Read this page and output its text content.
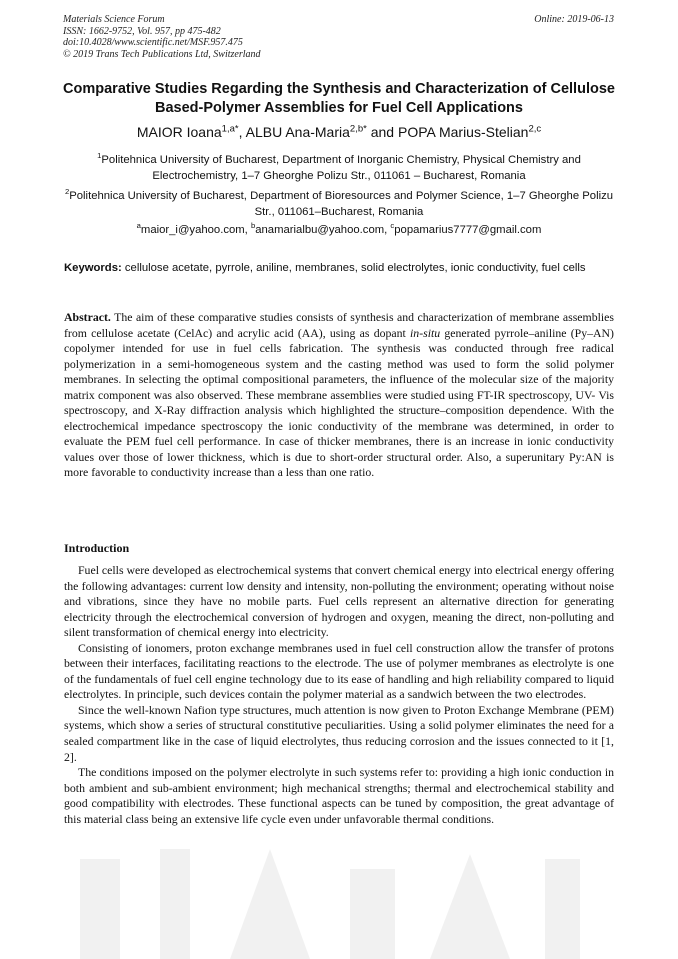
Materials Science Forum
ISSN: 1662-9752, Vol. 957, pp 475-482
doi:10.4028/www.scientific.net/MSF.957.475
© 2019 Trans Tech Publications Ltd, Switzerland
Online: 2019-06-13
Comparative Studies Regarding the Synthesis and Characterization of Cellulose Based-Polymer Assemblies for Fuel Cell Applications
MAIOR Ioana$^{1,a*}$, ALBU Ana-Maria$^{2,b*}$ and POPA Marius-Stelian$^{2,c}$
$^1$Politehnica University of Bucharest, Department of Inorganic Chemistry, Physical Chemistry and Electrochemistry, 1–7 Gheorghe Polizu Str., 011061 – Bucharest, Romania
$^2$Politehnica University of Bucharest, Department of Bioresources and Polymer Science, 1–7 Gheorghe Polizu Str., 011061–Bucharest, Romania
$^a$maior_i@yahoo.com, $^b$anamarialbu@yahoo.com, $^c$popamarius7777@gmail.com
Keywords: cellulose acetate, pyrrole, aniline, membranes, solid electrolytes, ionic conductivity, fuel cells
Abstract. The aim of these comparative studies consists of synthesis and characterization of membrane assemblies from cellulose acetate (CelAc) and acrylic acid (AA), using as dopant in-situ generated pyrrole–aniline (Py–AN) copolymer intended for use in fuel cells fabrication. The synthesis was conducted through free radical polymerization in a semi-homogeneous system and the casting method was used to form the solid polymer membranes. In selecting the optimal compositional parameters, the influence of the molecular size of the majority matrix component was also observed. These membrane assemblies were studied using FT-IR spectroscopy, UV- Vis spectroscopy, and X-Ray diffraction analysis which highlighted the structure–composition dependence. With the electrochemical impedance spectroscopy the ionic conductivity of the membrane was determined, in order to evaluate the PEM fuel cell performance. In case of thicker membranes, there is an increase in ionic conductivity values over those of lower thickness, which is due to short-order structural order. Also, a superunitary Py:AN is more favorable to conductivity increase than a less than one ratio.
Introduction

Fuel cells were developed as electrochemical systems that convert chemical energy into electrical energy offering the following advantages: current low density and intensity, non-polluting the environment; operating without noise and vibrations, since they have no mobile parts. Fuel cells represent an alternative direction for generating electricity through the electrochemical conversion of hydrogen and oxygen, meaning the direct, non-polluting and silent transformation of chemical energy into electricity.

Consisting of ionomers, proton exchange membranes used in fuel cell construction allow the transfer of protons between their interfaces, facilitating reactions to the electrode. The use of polymer membranes as electrolyte is one of the fundamentals of fuel cell engine technology due to its ease of handling and high reliability compared to liquid electrolytes. In principle, such devices contain the polymer material as a sandwich between the two electrodes.

Since the well-known Nafion type structures, much attention is now given to Proton Exchange Membrane (PEM) systems, which show a series of structural constitutive peculiarities. Using a solid polymer eliminates the need for a sealed compartment like in the case of liquid electrolytes, thus reducing corrosion and the issues connected to it [1, 2].

The conditions imposed on the polymer electrolyte in such systems refer to: providing a high ionic conduction in both ambient and sub-ambient environment; high mechanical strengths; thermal and electrochemical stability and good compatibility with electrodes. These functional aspects can be tuned by composition, the great advantage of this material class being an extensive life cycle even under unfavorable thermal conditions.
